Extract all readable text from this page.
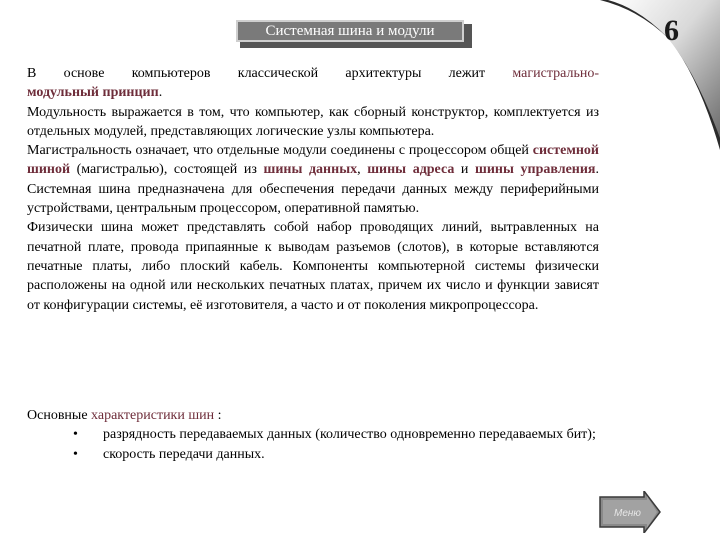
Системная шина и модули	6

В основе компьютеров классической архитектуры лежит магистрально-

модульный принцип.

Модульность выражается в том, что компьютер, как сборный конструктор, комплектуется из отдельных модулей, представляющих логические узлы компьютера.

Магистральность означает, что отдельные модули соединены с процессором общей системной шиной (магистралью), состоящей из шины данных, шины адреса и шины управления. Системная шина предназначена для обеспечения передачи данных между периферийными устройствами, центральным процессором, оперативной памятью.

Физически шина может представлять собой набор проводящих линий, вытравленных на печатной плате, провода припаянные к выводам разъемов (слотов), в которые вставляются печатные платы, либо плоский кабель. Компоненты компьютерной системы физически расположены на одной или нескольких печатных платах, причем их число и функции зависят от конфигурации системы, её изготовителя, а часто и от поколения микропроцессора.

Основные характеристики шин :
• разрядность передаваемых данных (количество одновременно передаваемых бит);
• скорость передачи данных.
Меню
